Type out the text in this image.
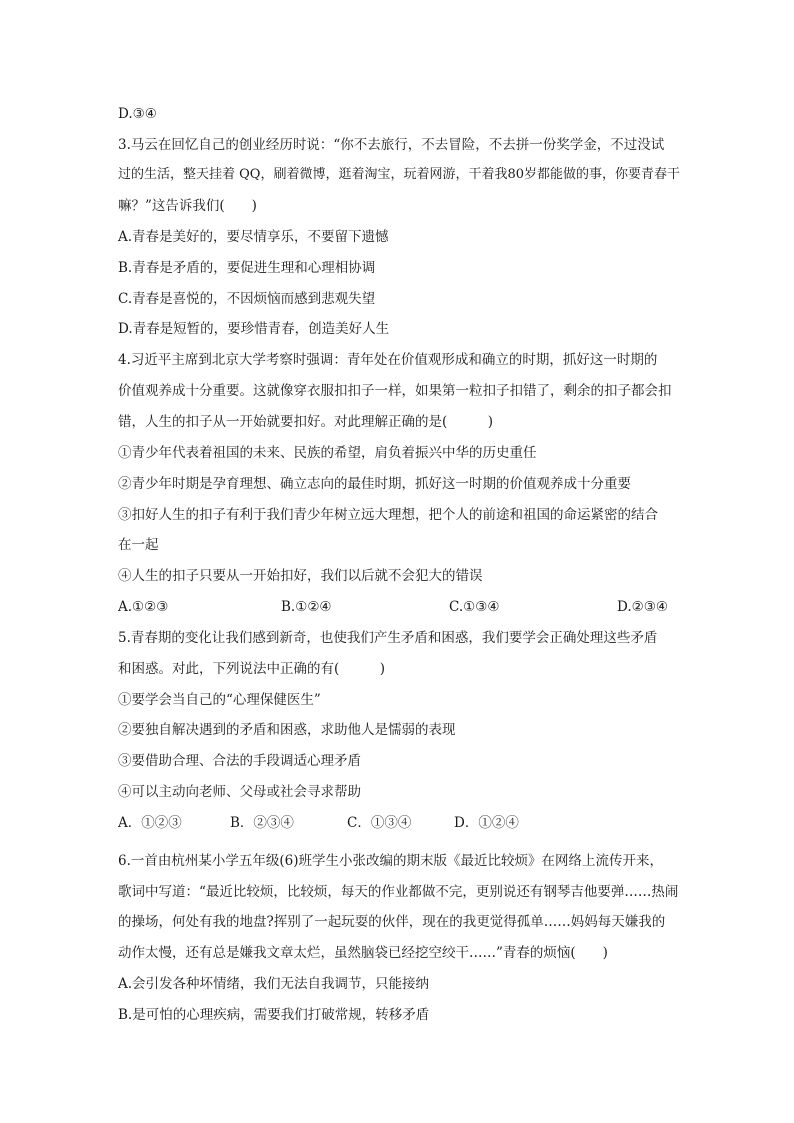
D.③④
3.马云在回忆自己的创业经历时说：“你不去旅行，不去冒险，不去拼一份奖学金，不过没试
过的生活，整天挂着 QQ，刷着微博，逛着淘宝，玩着网游，干着我80岁都能做的事，你要青春干
嘛？”这告诉我们(　　)
A.青春是美好的，要尽情享乐，不要留下遗憾
B.青春是矛盾的，要促进生理和心理相协调
C.青春是喜悦的，不因烦恼而感到悲观失望
D.青春是短暂的，要珍惜青春，创造美好人生
4.习近平主席到北京大学考察时强调：青年处在价值观形成和确立的时期，抓好这一时期的
价值观养成十分重要。这就像穿衣服扣扣子一样，如果第一粒扣子扣错了，剩余的扣子都会扣
错，人生的扣子从一开始就要扣好。对此理解正确的是(　　　)
①青少年代表着祖国的未来、民族的希望，肩负着振兴中华的历史重任
②青少年时期是孕育理想、确立志向的最佳时期，抓好这一时期的价值观养成十分重要
③扣好人生的扣子有利于我们青少年树立远大理想，把个人的前途和祖国的命运紧密的结合
在一起
④人生的扣子只要从一开始扣好，我们以后就不会犯大的错误
A.①②③	B.①②④	C.①③④	D.②③④
5.青春期的变化让我们感到新奇，也使我们产生矛盾和困惑，我们要学会正确处理这些矛盾
和困惑。对此，下列说法中正确的有(　　　)
①要学会当自己的“心理保健医生”
②要独自解决遇到的矛盾和困惑，求助他人是懦弱的表现
③要借助合理、合法的手段调适心理矛盾
④可以主动向老师、父母或社会寻求帮助
A．①②③	B．②③④	C．①③④	D．①②④
6.一首由杭州某小学五年级(6)班学生小张改编的期末版《最近比较烦》在网络上流传开来，
歌词中写道：“最近比较烦，比较烦，每天的作业都做不完，更别说还有钢琴吉他要弹……热闹
的操场，何处有我的地盘?挥别了一起玩耍的伙伴，现在的我更觉得孤单……妈妈每天嫌我的
动作太慢，还有总是嫌我文章太烂，虽然脑袋已经挖空绞干……”青春的烦恼(　　)
A.会引发各种坏情绪，我们无法自我调节，只能接纳
B.是可怕的心理疾病，需要我们打破常规，转移矛盾
